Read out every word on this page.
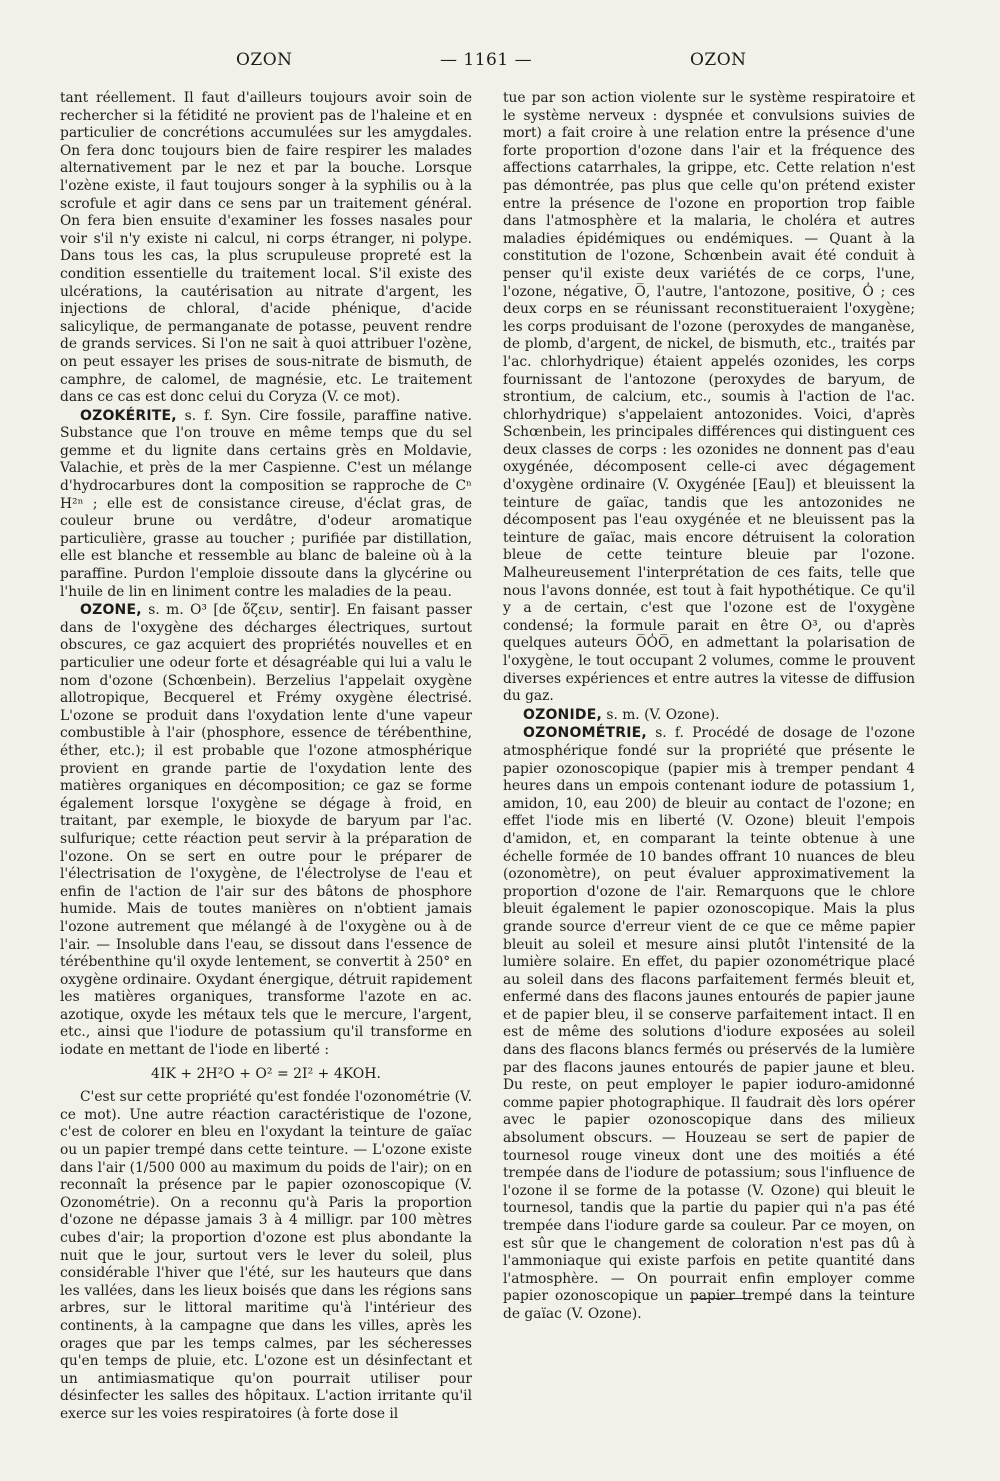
OZON	— 1161 —	OZON

tant réellement. Il faut d'ailleurs toujours avoir soin de rechercher si la fétidité ne provient pas de l'haleine et en particulier de concrétions accumulées sur les amygdales. On fera donc toujours bien de faire respirer les malades alternativement par le nez et par la bouche. Lorsque l'ozène existe, il faut toujours songer à la syphilis ou à la scrofule et agir dans ce sens par un traitement général. On fera bien ensuite d'examiner les fosses nasales pour voir s'il n'y existe ni calcul, ni corps étranger, ni polype. Dans tous les cas, la plus scrupuleuse propreté est la condition essentielle du traitement local. S'il existe des ulcérations, la cautérisation au nitrate d'argent, les injections de chloral, d'acide phénique, d'acide salicylique, de permanganate de potasse, peuvent rendre de grands services. Si l'on ne sait à quoi attribuer l'ozène, on peut essayer les prises de sous-nitrate de bismuth, de camphre, de calomel, de magnésie, etc. Le traitement dans ce cas est donc celui du Coryza (V. ce mot).

OZOKÉRITE, s. f. Syn. Cire fossile, paraffine native. Substance que l'on trouve en même temps que du sel gemme et du lignite dans certains grès en Moldavie, Valachie, et près de la mer Caspienne. C'est un mélange d'hydrocarbures dont la composition se rapproche de Cⁿ H²ⁿ ; elle est de consistance cireuse, d'éclat gras, de couleur brune ou verdâtre, d'odeur aromatique particulière, grasse au toucher ; purifiée par distillation, elle est blanche et ressemble au blanc de baleine où à la paraffine. Purdon l'emploie dissoute dans la glycérine ou l'huile de lin en liniment contre les maladies de la peau.

OZONE, s. m. O³ [de ὄζειν, sentir]. En faisant passer dans de l'oxygène des décharges électriques, surtout obscures, ce gaz acquiert des propriétés nouvelles et en particulier une odeur forte et désagréable qui lui a valu le nom d'ozone (Schœnbein). Berzelius l'appelait oxygène allotropique, Becquerel et Frémy oxygène électrisé. L'ozone se produit dans l'oxydation lente d'une vapeur combustible à l'air (phosphore, essence de térébenthine, éther, etc.); il est probable que l'ozone atmosphérique provient en grande partie de l'oxydation lente des matières organiques en décomposition; ce gaz se forme également lorsque l'oxygène se dégage à froid, en traitant, par exemple, le bioxyde de baryum par l'ac. sulfurique; cette réaction peut servir à la préparation de l'ozone. On se sert en outre pour le préparer de l'électrisation de l'oxygène, de l'électrolyse de l'eau et enfin de l'action de l'air sur des bâtons de phosphore humide. Mais de toutes manières on n'obtient jamais l'ozone autrement que mélangé à de l'oxygène ou à de l'air. — Insoluble dans l'eau, se dissout dans l'essence de térébenthine qu'il oxyde lentement, se convertit à 250° en oxygène ordinaire. Oxydant énergique, détruit rapidement les matières organiques, transforme l'azote en ac. azotique, oxyde les métaux tels que le mercure, l'argent, etc., ainsi que l'iodure de potassium qu'il transforme en iodate en mettant de l'iode en liberté :

4IK + 2H²O + O² = 2I² + 4KOH.

C'est sur cette propriété qu'est fondée l'ozonométrie (V. ce mot). Une autre réaction caractéristique de l'ozone, c'est de colorer en bleu en l'oxydant la teinture de gaïac ou un papier trempé dans cette teinture. — L'ozone existe dans l'air (1/500 000 au maximum du poids de l'air); on en reconnaît la présence par le papier ozonoscopique (V. Ozonométrie). On a reconnu qu'à Paris la proportion d'ozone ne dépasse jamais 3 à 4 milligr. par 100 mètres cubes d'air; la proportion d'ozone est plus abondante la nuit que le jour, surtout vers le lever du soleil, plus considérable l'hiver que l'été, sur les hauteurs que dans les vallées, dans les lieux boisés que dans les régions sans arbres, sur le littoral maritime qu'à l'intérieur des continents, à la campagne que dans les villes, après les orages que par les temps calmes, par les sécheresses qu'en temps de pluie, etc. L'ozone est un désinfectant et un antimiasmatique qu'on pourrait utiliser pour désinfecter les salles des hôpitaux. L'action irritante qu'il exerce sur les voies respiratoires (à forte dose il

tue par son action violente sur le système respiratoire et le système nerveux : dyspnée et convulsions suivies de mort) a fait croire à une relation entre la présence d'une forte proportion d'ozone dans l'air et la fréquence des affections catarrhales, la grippe, etc. Cette relation n'est pas démontrée, pas plus que celle qu'on prétend exister entre la présence de l'ozone en proportion trop faible dans l'atmosphère et la malaria, le choléra et autres maladies épidémiques ou endémiques. — Quant à la constitution de l'ozone, Schœnbein avait été conduit à penser qu'il existe deux variétés de ce corps, l'une, l'ozone, négative, O̅, l'autre, l'antozone, positive, O̍ ; ces deux corps en se réunissant reconstitueraient l'oxygène; les corps produisant de l'ozone (peroxydes de manganèse, de plomb, d'argent, de nickel, de bismuth, etc., traités par l'ac. chlorhydrique) étaient appelés ozonides, les corps fournissant de l'antozone (peroxydes de baryum, de strontium, de calcium, etc., soumis à l'action de l'ac. chlorhydrique) s'appelaient antozonides. Voici, d'après Schœnbein, les principales différences qui distinguent ces deux classes de corps : les ozonides ne donnent pas d'eau oxygénée, décomposent celle-ci avec dégagement d'oxygène ordinaire (V. Oxygénée [Eau]) et bleuissent la teinture de gaïac, tandis que les antozonides ne décomposent pas l'eau oxygénée et ne bleuissent pas la teinture de gaïac, mais encore détruisent la coloration bleue de cette teinture bleuie par l'ozone. Malheureusement l'interprétation de ces faits, telle que nous l'avons donnée, est tout à fait hypothétique. Ce qu'il y a de certain, c'est que l'ozone est de l'oxygène condensé; la formule parait en être O³, ou d'après quelques auteurs O̅O̍O̅, en admettant la polarisation de l'oxygène, le tout occupant 2 volumes, comme le prouvent diverses expériences et entre autres la vitesse de diffusion du gaz.

OZONIDE, s. m. (V. Ozone).

OZONOMÉTRIE, s. f. Procédé de dosage de l'ozone atmosphérique fondé sur la propriété que présente le papier ozonoscopique (papier mis à tremper pendant 4 heures dans un empois contenant iodure de potassium 1, amidon, 10, eau 200) de bleuir au contact de l'ozone; en effet l'iode mis en liberté (V. Ozone) bleuit l'empois d'amidon, et, en comparant la teinte obtenue à une échelle formée de 10 bandes offrant 10 nuances de bleu (ozonomètre), on peut évaluer approximativement la proportion d'ozone de l'air. Remarquons que le chlore bleuit également le papier ozonoscopique. Mais la plus grande source d'erreur vient de ce que ce même papier bleuit au soleil et mesure ainsi plutôt l'intensité de la lumière solaire. En effet, du papier ozonométrique placé au soleil dans des flacons parfaitement fermés bleuit et, enfermé dans des flacons jaunes entourés de papier jaune et de papier bleu, il se conserve parfaitement intact. Il en est de même des solutions d'iodure exposées au soleil dans des flacons blancs fermés ou préservés de la lumière par des flacons jaunes entourés de papier jaune et bleu. Du reste, on peut employer le papier ioduro-amidonné comme papier photographique. Il faudrait dès lors opérer avec le papier ozonoscopique dans des milieux absolument obscurs. — Houzeau se sert de papier de tournesol rouge vineux dont une des moitiés a été trempée dans de l'iodure de potassium; sous l'influence de l'ozone il se forme de la potasse (V. Ozone) qui bleuit le tournesol, tandis que la partie du papier qui n'a pas été trempée dans l'iodure garde sa couleur. Par ce moyen, on est sûr que le changement de coloration n'est pas dû à l'ammoniaque qui existe parfois en petite quantité dans l'atmosphère. — On pourrait enfin employer comme papier ozonoscopique un papier trempé dans la teinture de gaïac (V. Ozone).
